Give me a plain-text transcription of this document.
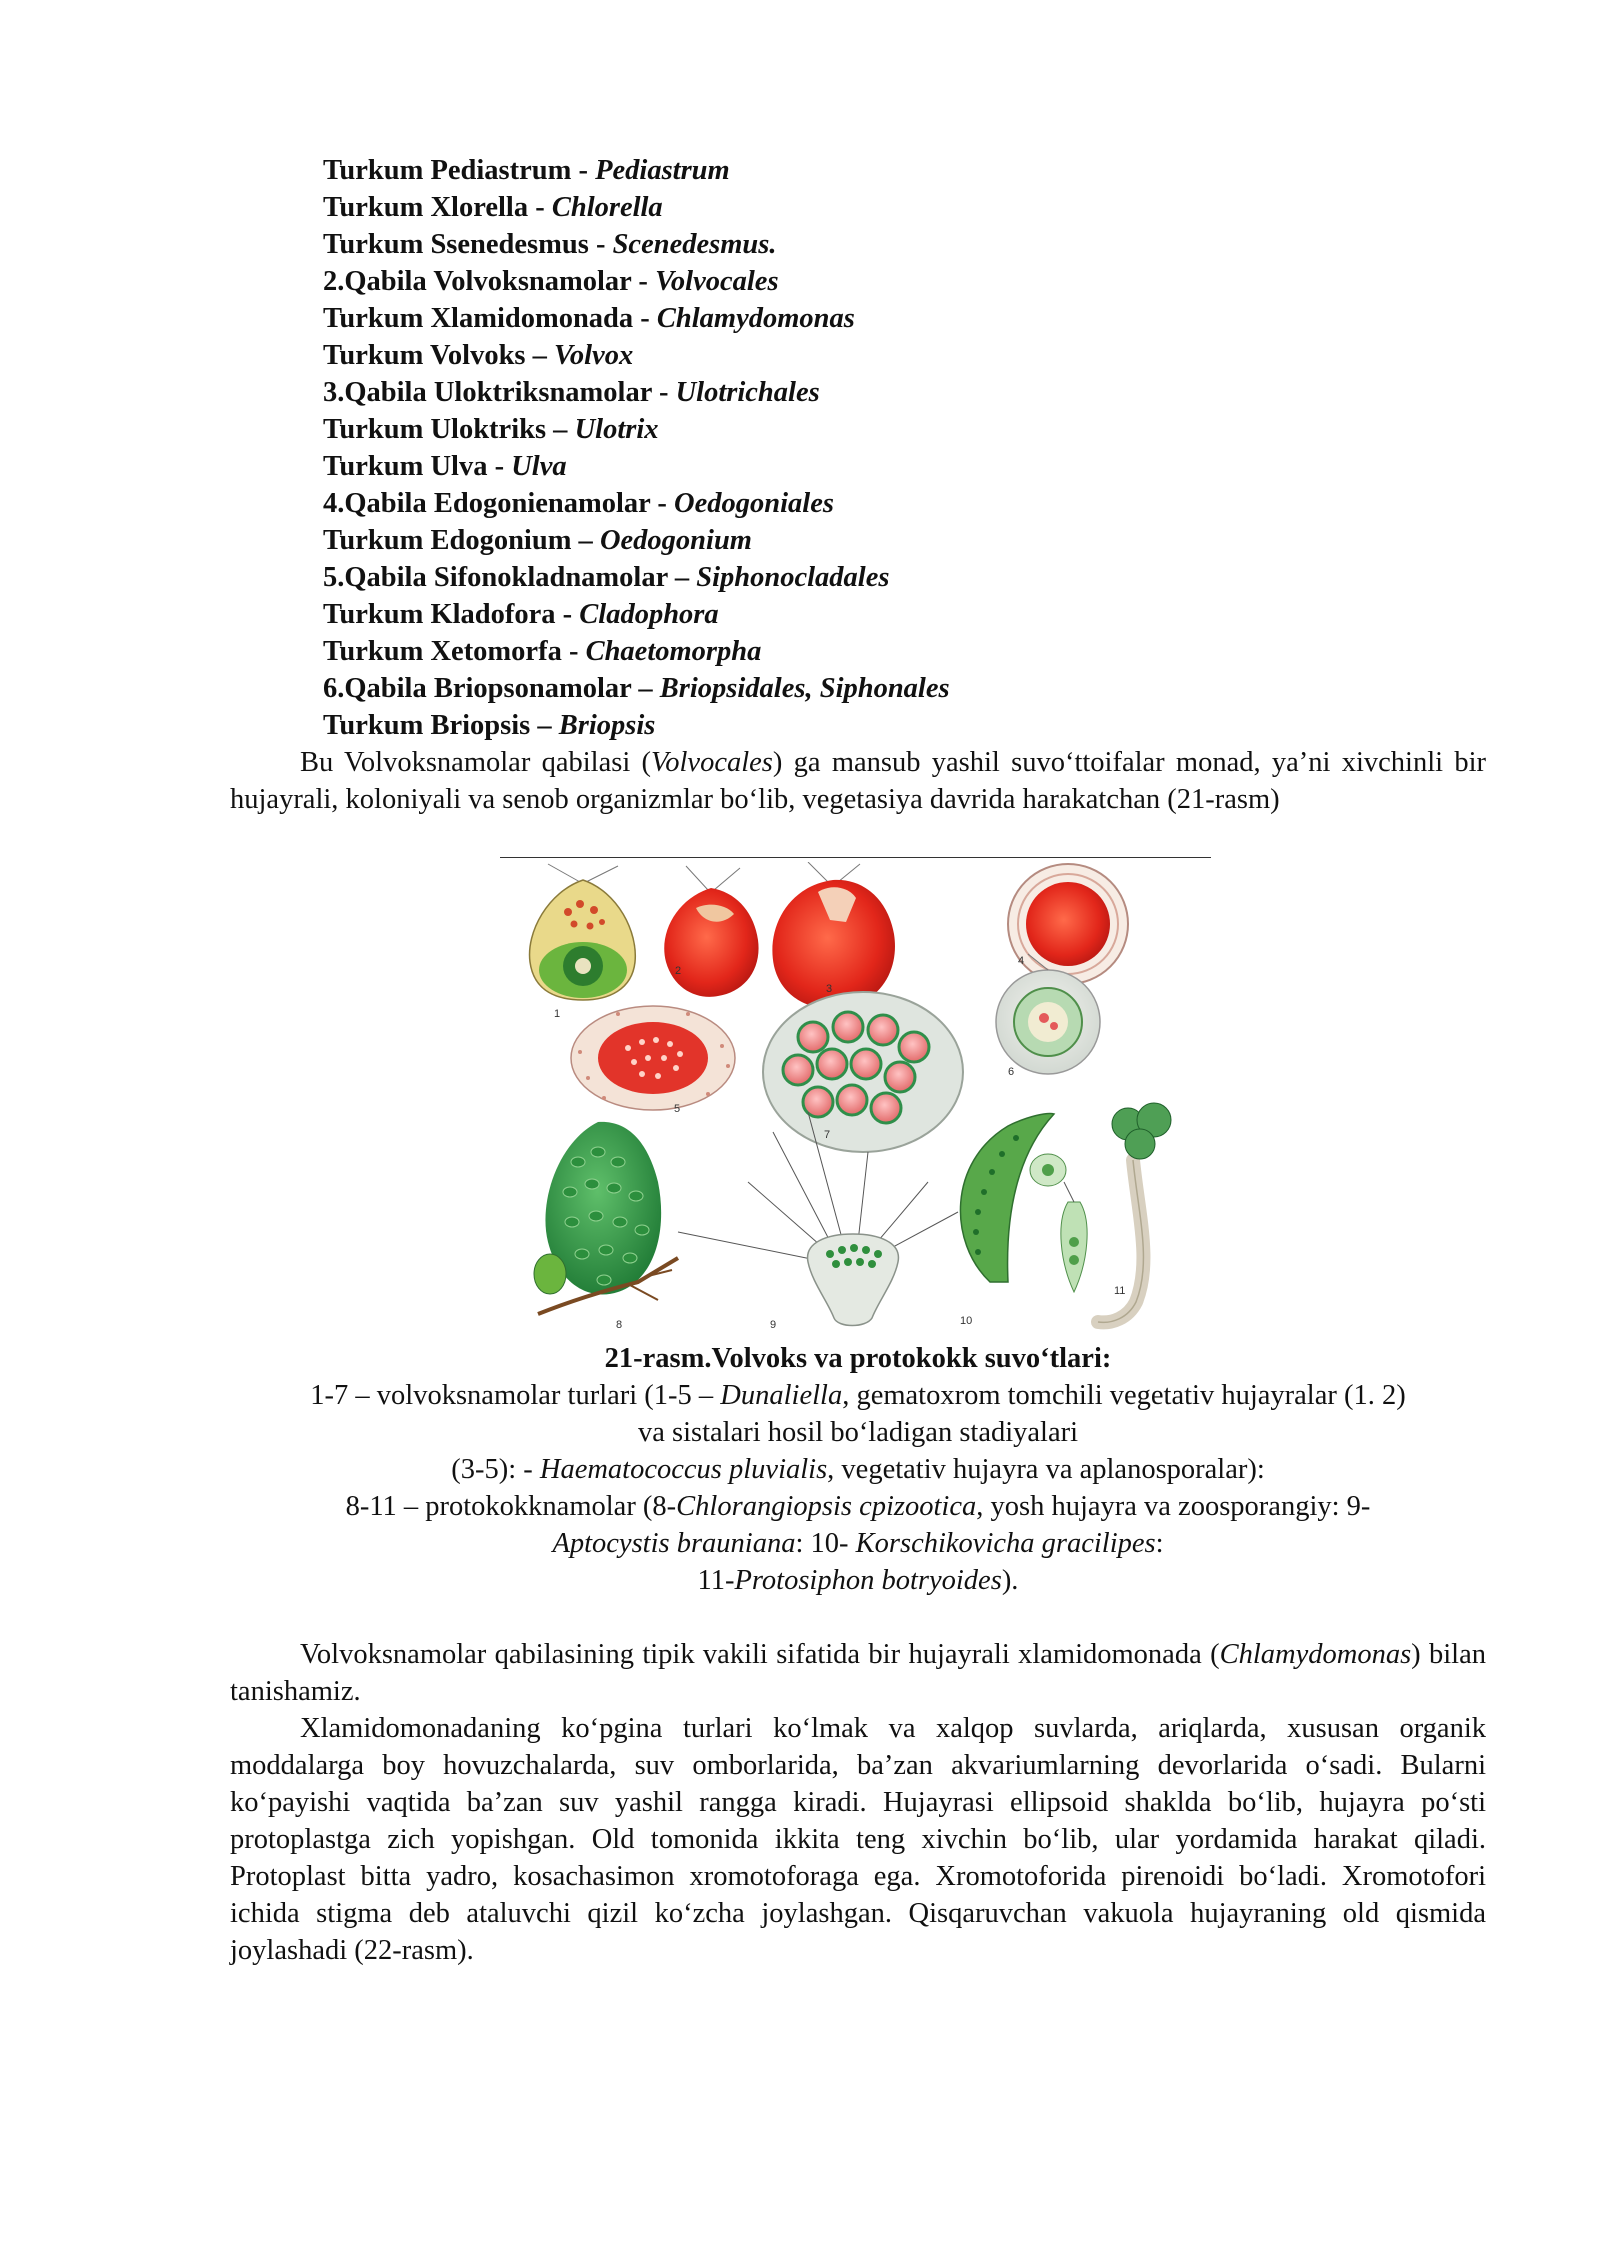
Turkum Pediastrum - Pediastrum
Turkum Xlorella - Chlorella
Turkum Ssenedesmus - Scenedesmus.
2.Qabila Volvoksnamolar - Volvocales
Turkum Xlamidomonada - Chlamydomonas
Turkum Volvoks – Volvox
3.Qabila Uloktriksnamolar - Ulotrichales
Turkum Uloktriks – Ulotrix
Turkum Ulva - Ulva
4.Qabila Edogonienamolar - Oedogoniales
Turkum Edogonium – Oedogonium
5.Qabila Sifonokladnamolar – Siphonocladales
Turkum Kladofora - Cladophora
Turkum Xetomorfa - Chaetomorpha
6.Qabila Briopsonamolar – Briopsidales, Siphonales
Turkum Briopsis – Briopsis
Bu Volvoksnamolar qabilasi (Volvocales) ga mansub yashil suvo‘ttoifalar monad, ya’ni xivchinli bir hujayrali, koloniyali va senob organizmlar bo‘lib, vegetasiya davrida harakatchan (21-rasm)
1
2
3
4
5
6
7
8	9	10
11
21-rasm.Volvoks va protokokk suvo‘tlari:
1-7 – volvoksnamolar turlari (1-5 – Dunaliella, gematoxrom tomchili vegetativ hujayralar (1. 2)
va sistalari hosil bo‘ladigan stadiyalari
(3-5): - Haematococcus pluvialis, vegetativ hujayra va aplanosporalar):
8-11 – protokokknamolar (8-Chlorangiopsis cpizootica, yosh hujayra va zoosporangiy: 9-
Aptocystis brauniana: 10- Korschikovicha gracilipes:
11-Protosiphon botryoides).
Volvoksnamolar qabilasining tipik vakili sifatida bir hujayrali xlamidomonada (Chlamydomonas) bilan tanishamiz.
Xlamidomonadaning ko‘pgina turlari ko‘lmak va xalqop suvlarda, ariqlarda, xususan organik moddalarga boy hovuzchalarda, suv omborlarida, ba’zan akvariumlarning devorlarida o‘sadi. Bularni ko‘payishi vaqtida ba’zan suv yashil rangga kiradi. Hujayrasi ellipsoid shaklda bo‘lib, hujayra po‘sti protoplastga zich yopishgan. Old tomonida ikkita teng xivchin bo‘lib, ular yordamida harakat qiladi. Protoplast bitta yadro, kosachasimon xromotoforaga ega. Xromotoforida pirenoidi bo‘ladi. Xromotofori ichida stigma deb ataluvchi qizil ko‘zcha joylashgan. Qisqaruvchan vakuola hujayraning old qismida joylashadi (22-rasm).
